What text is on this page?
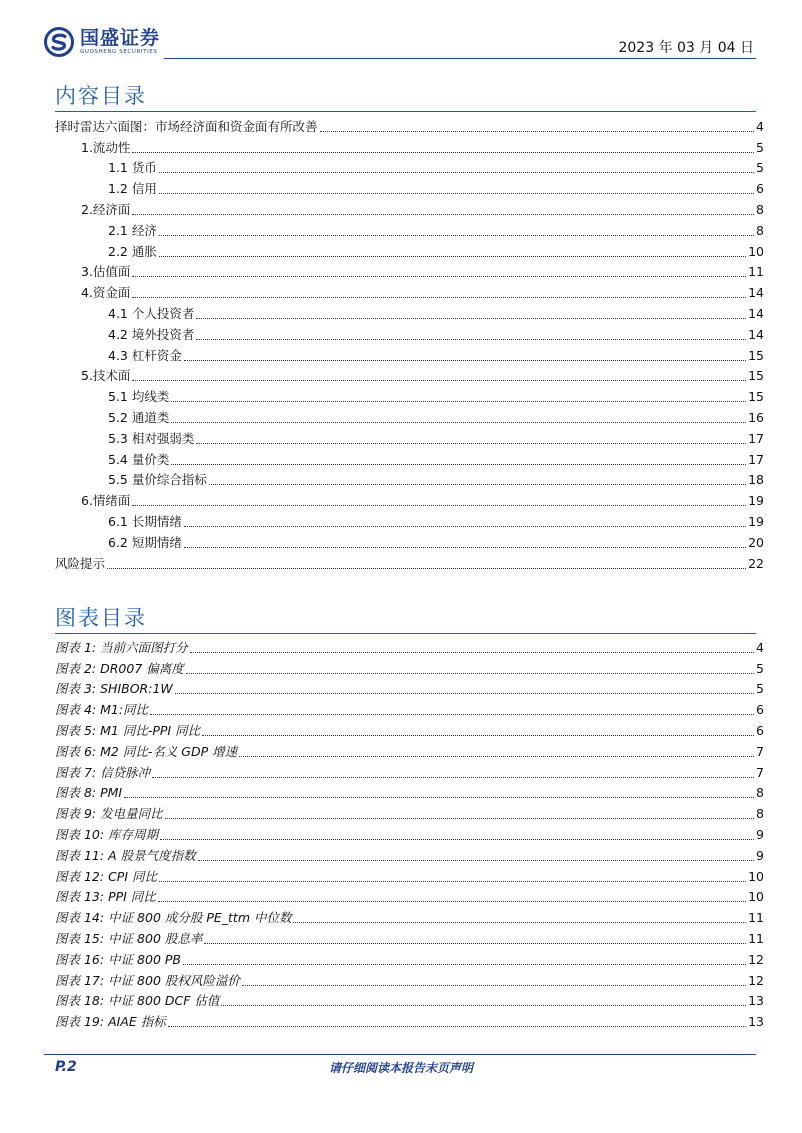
国盛证券
GUOSHENG SECURITIES	2023 年 03 月 04 日
内容目录
择时雷达六面图：市场经济面和资金面有所改善	4
1.流动性	5
1.1 货币	5
1.2 信用	6
2.经济面	8
2.1 经济	8
2.2 通胀	10
3.估值面	11
4.资金面	14
4.1 个人投资者	14
4.2 境外投资者	14
4.3 杠杆资金	15
5.技术面	15
5.1 均线类	15
5.2 通道类	16
5.3 相对强弱类	17
5.4 量价类	17
5.5 量价综合指标	18
6.情绪面	19
6.1 长期情绪	19
6.2 短期情绪	20
风险提示	22
图表目录
图表 1: 当前六面图打分	4
图表 2: DR007 偏离度	5
图表 3: SHIBOR:1W	5
图表 4: M1:同比	6
图表 5: M1 同比-PPI 同比	6
图表 6: M2 同比-名义 GDP 增速	7
图表 7: 信贷脉冲	7
图表 8: PMI	8
图表 9: 发电量同比	8
图表 10: 库存周期	9
图表 11: A 股景气度指数	9
图表 12: CPI 同比	10
图表 13: PPI 同比	10
图表 14: 中证 800 成分股 PE_ttm 中位数	11
图表 15: 中证 800 股息率	11
图表 16: 中证 800 PB	12
图表 17: 中证 800 股权风险溢价	12
图表 18: 中证 800 DCF 估值	13
图表 19: AIAE 指标	13
P.2	请仔细阅读本报告末页声明
